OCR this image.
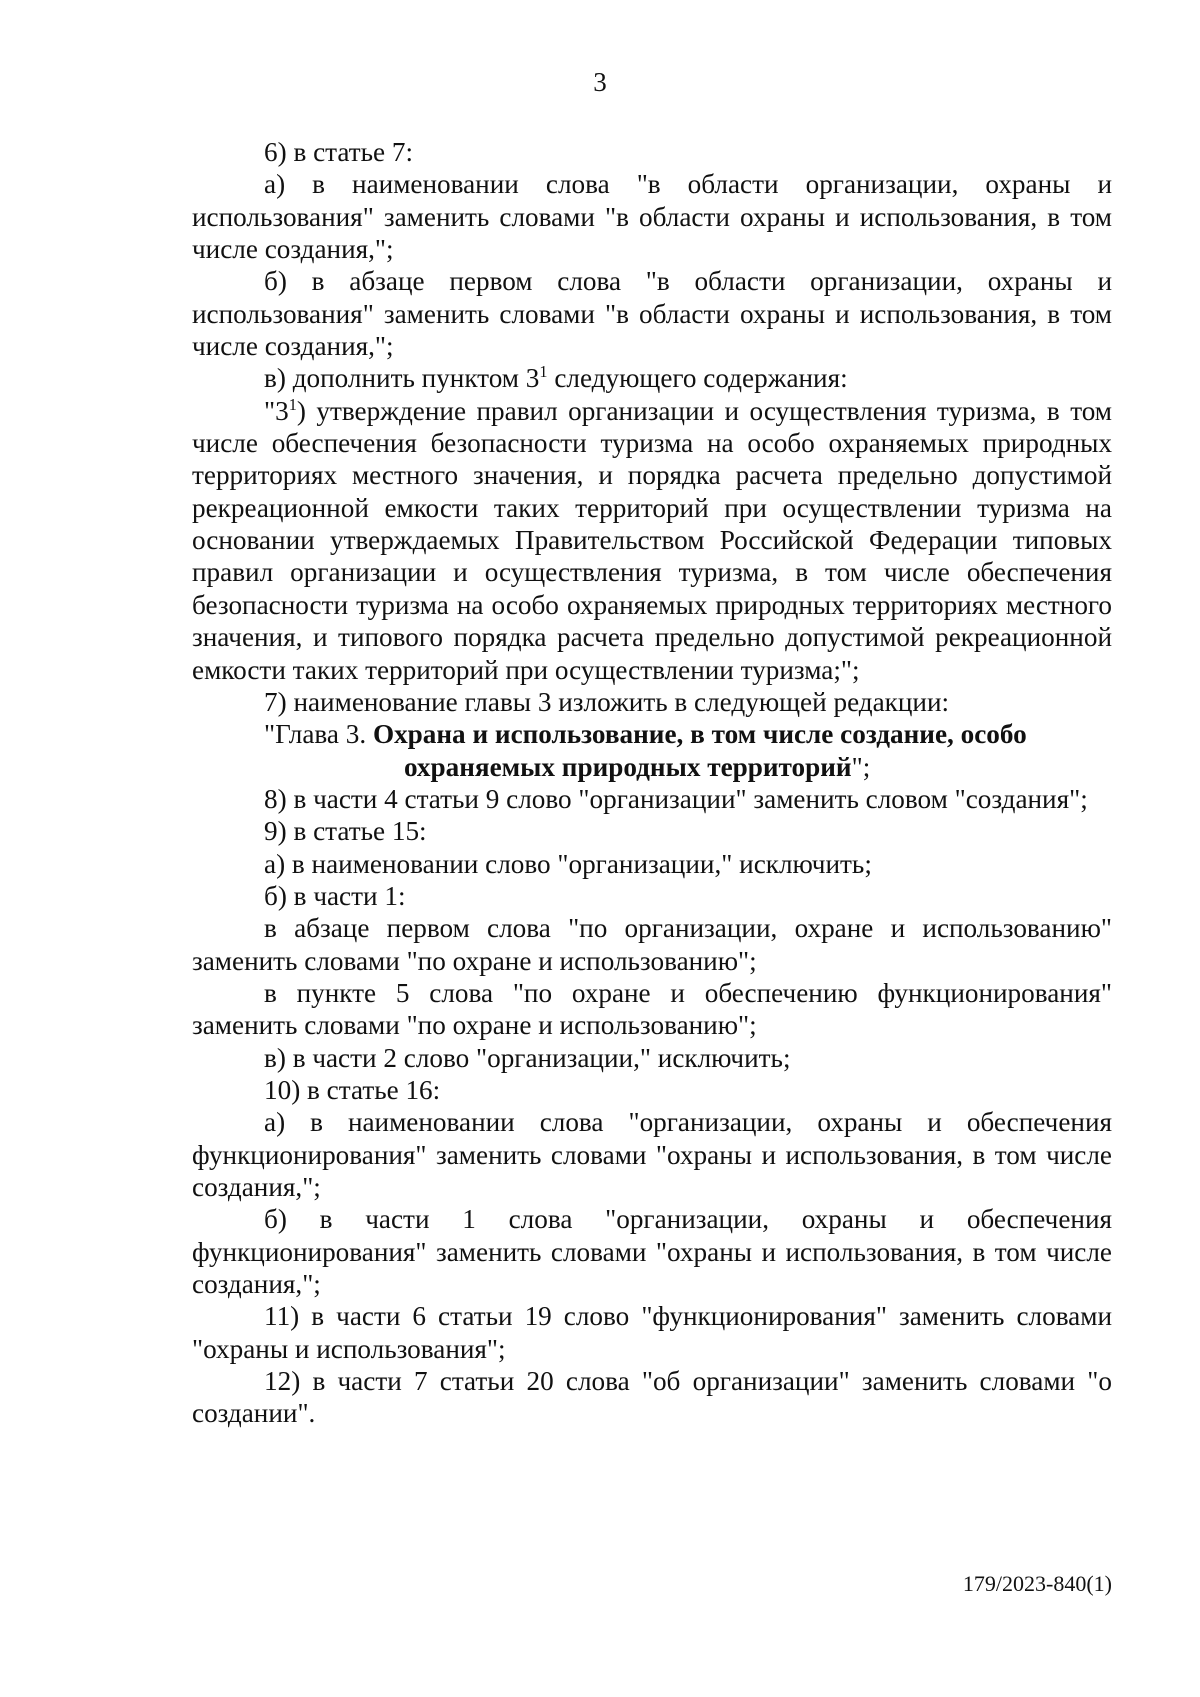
3

6) в статье 7:

а) в наименовании слова "в области организации, охраны и использования" заменить словами "в области охраны и использования, в том числе создания,";

б) в абзаце первом слова "в области организации, охраны и использования" заменить словами "в области охраны и использования, в том числе создания,";

в) дополнить пунктом $3^1$ следующего содержания:

"$3^1$) утверждение правил организации и осуществления туризма, в том числе обеспечения безопасности туризма на особо охраняемых природных территориях местного значения, и порядка расчета предельно допустимой рекреационной емкости таких территорий при осуществлении туризма на основании утверждаемых Правительством Российской Федерации типовых правил организации и осуществления туризма, в том числе обеспечения безопасности туризма на особо охраняемых природных территориях местного значения, и типового порядка расчета предельно допустимой рекреационной емкости таких территорий при осуществлении туризма;";

7) наименование главы 3 изложить в следующей редакции:

"Глава 3. Охрана и использование, в том числе создание, особо
охраняемых природных территорий";

8) в части 4 статьи 9 слово "организации" заменить словом "создания";

9) в статье 15:

а) в наименовании слово "организации," исключить;

б) в части 1:

в абзаце первом слова "по организации, охране и использованию" заменить словами "по охране и использованию";

в пункте 5 слова "по охране и обеспечению функционирования" заменить словами "по охране и использованию";

в) в части 2 слово "организации," исключить;

10) в статье 16:

а) в наименовании слова "организации, охраны и обеспечения функционирования" заменить словами "охраны и использования, в том числе создания,";

б) в части 1 слова "организации, охраны и обеспечения функционирования" заменить словами "охраны и использования, в том числе создания,";

11) в части 6 статьи 19 слово "функционирования" заменить словами "охраны и использования";

12) в части 7 статьи 20 слова "об организации" заменить словами "о создании".

179/2023-840(1)
